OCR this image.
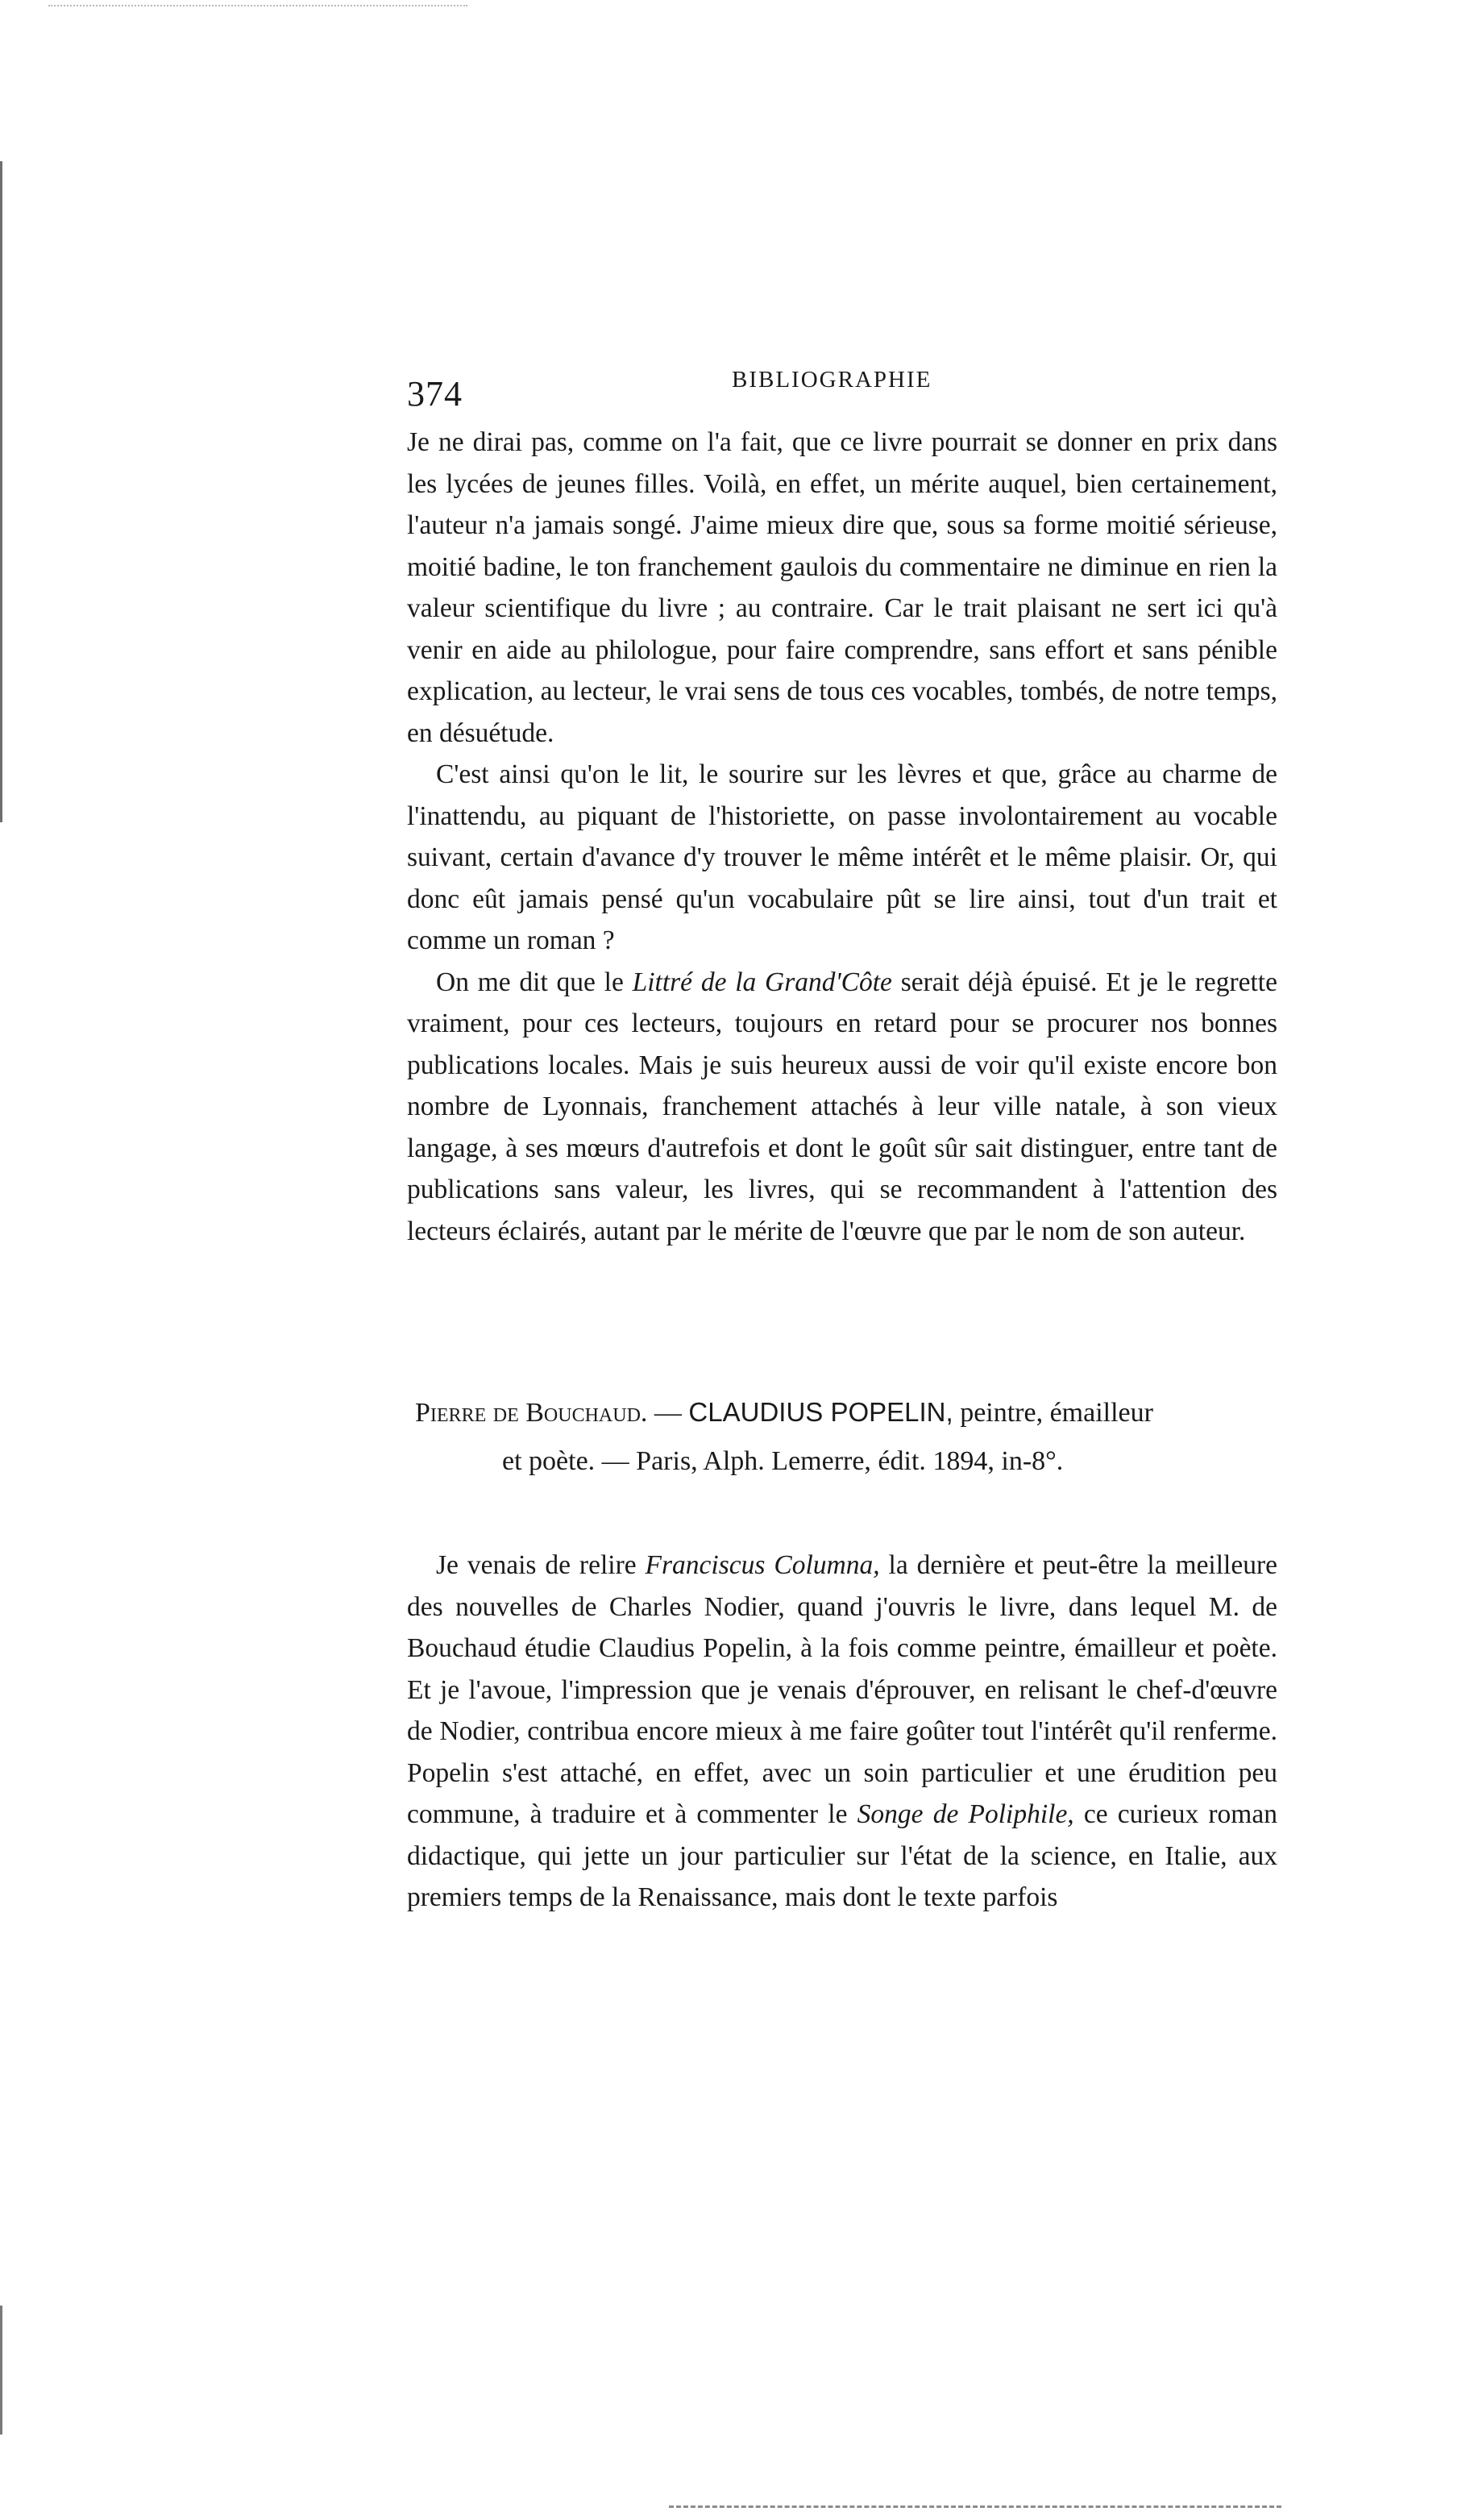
374	BIBLIOGRAPHIE

Je ne dirai pas, comme on l'a fait, que ce livre pourrait se donner en prix dans les lycées de jeunes filles. Voilà, en effet, un mérite auquel, bien certainement, l'auteur n'a jamais songé. J'aime mieux dire que, sous sa forme moitié sérieuse, moitié badine, le ton franchement gaulois du commentaire ne diminue en rien la valeur scientifique du livre ; au contraire. Car le trait plaisant ne sert ici qu'à venir en aide au philologue, pour faire comprendre, sans effort et sans pénible explication, au lecteur, le vrai sens de tous ces vocables, tombés, de notre temps, en désuétude.

C'est ainsi qu'on le lit, le sourire sur les lèvres et que, grâce au charme de l'inattendu, au piquant de l'historiette, on passe involontairement au vocable suivant, certain d'avance d'y trouver le même intérêt et le même plaisir. Or, qui donc eût jamais pensé qu'un vocabulaire pût se lire ainsi, tout d'un trait et comme un roman ?

On me dit que le Littré de la Grand'Côte serait déjà épuisé. Et je le regrette vraiment, pour ces lecteurs, toujours en retard pour se procurer nos bonnes publications locales. Mais je suis heureux aussi de voir qu'il existe encore bon nombre de Lyonnais, franchement attachés à leur ville natale, à son vieux langage, à ses mœurs d'autrefois et dont le goût sûr sait distinguer, entre tant de publications sans valeur, les livres, qui se recommandent à l'attention des lecteurs éclairés, autant par le mérite de l'œuvre que par le nom de son auteur.

Pierre de Bouchaud. — CLAUDIUS POPELIN, peintre, émailleur
et poète. — Paris, Alph. Lemerre, édit. 1894, in-8°.

Je venais de relire Franciscus Columna, la dernière et peut-être la meilleure des nouvelles de Charles Nodier, quand j'ouvris le livre, dans lequel M. de Bouchaud étudie Claudius Popelin, à la fois comme peintre, émailleur et poète. Et je l'avoue, l'impression que je venais d'éprouver, en relisant le chef-d'œuvre de Nodier, contribua encore mieux à me faire goûter tout l'intérêt qu'il renferme. Popelin s'est attaché, en effet, avec un soin particulier et une érudition peu commune, à traduire et à commenter le Songe de Poliphile, ce curieux roman didactique, qui jette un jour particulier sur l'état de la science, en Italie, aux premiers temps de la Renaissance, mais dont le texte parfois
